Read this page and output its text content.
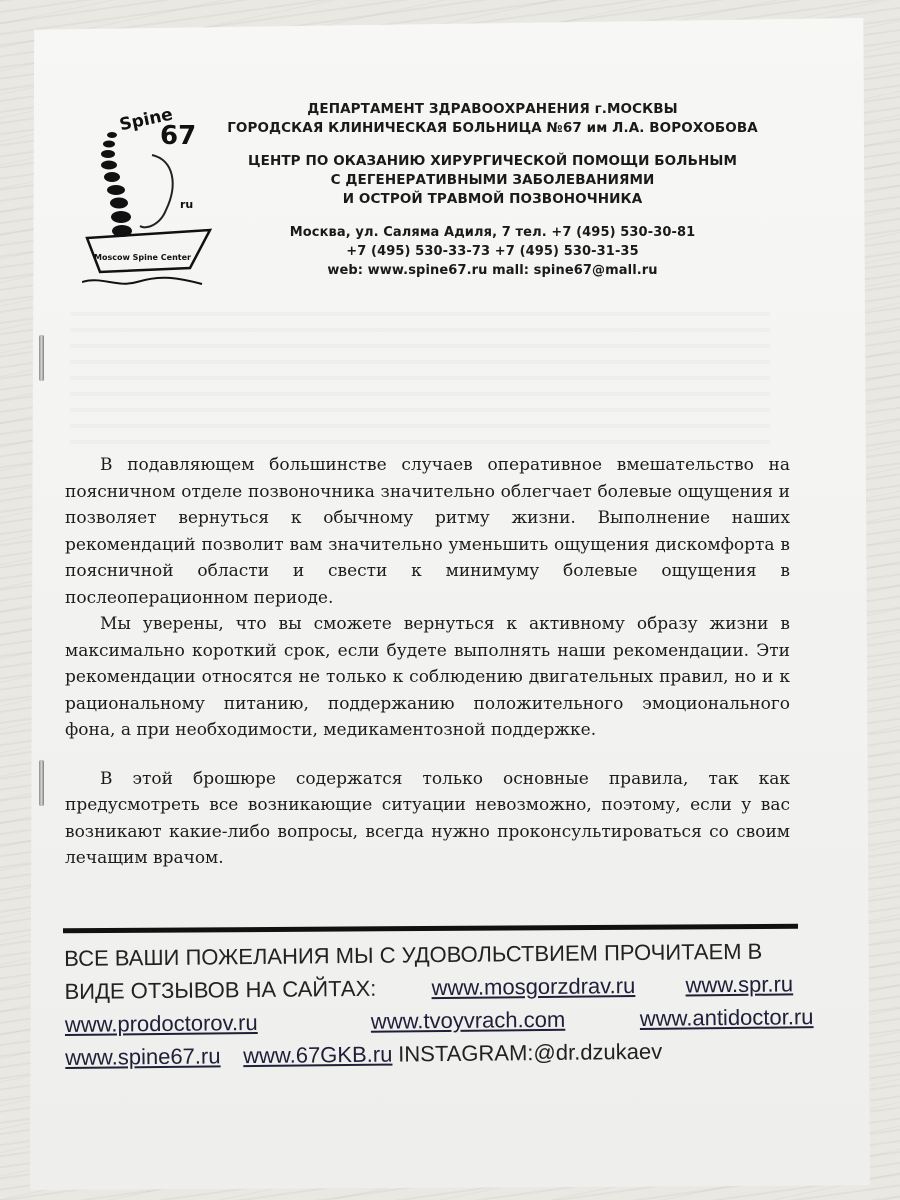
Spine
67
ru
Moscow Spine Center
ДЕПАРТАМЕНТ ЗДРАВООХРАНЕНИЯ г.МОСКВЫ
ГОРОДСКАЯ КЛИНИЧЕСКАЯ БОЛЬНИЦА №67 им Л.А. ВОРОХОБОВА
ЦЕНТР ПО ОКАЗАНИЮ ХИРУРГИЧЕСКОЙ ПОМОЩИ БОЛЬНЫМ
С ДЕГЕНЕРАТИВНЫМИ ЗАБОЛЕВАНИЯМИ
И ОСТРОЙ ТРАВМОЙ ПОЗВОНОЧНИКА
Москва, ул. Саляма Адиля, 7 тел. +7 (495) 530-30-81
+7 (495) 530-33-73 +7 (495) 530-31-35
web: www.spine67.ru mall: spine67@mall.ru

В подавляющем большинстве случаев оперативное вмешательство на поясничном отделе позвоночника значительно облегчает болевые ощущения и позволяет вернуться к обычному ритму жизни. Выполнение наших рекомендаций позволит вам значительно уменьшить ощущения дискомфорта в поясничной области и свести к минимуму болевые ощущения в послеоперационном периоде.

Мы уверены, что вы сможете вернуться к активному образу жизни в максимально короткий срок, если будете выполнять наши рекомендации. Эти рекомендации относятся не только к соблюдению двигательных правил, но и к рациональному питанию, поддержанию положительного эмоционального фона, а при необходимости, медикаментозной поддержке.

В этой брошюре содержатся только основные правила, так как предусмотреть все возникающие ситуации невозможно, поэтому, если у вас возникают какие-либо вопросы, всегда нужно проконсультироваться со своим лечащим врачом.

ВСЕ ВАШИ ПОЖЕЛАНИЯ МЫ С УДОВОЛЬСТВИЕМ ПРОЧИТАЕМ В
ВИДЕ ОТЗЫВОВ НА САЙТАХ: www.mosgorzdrav.ru www.spr.ru
www.prodoctorov.ru	www.tvoyvrach.com	www.antidoctor.ru
www.spine67.ru www.67GKB.ru INSTAGRAM:@dr.dzukaev
